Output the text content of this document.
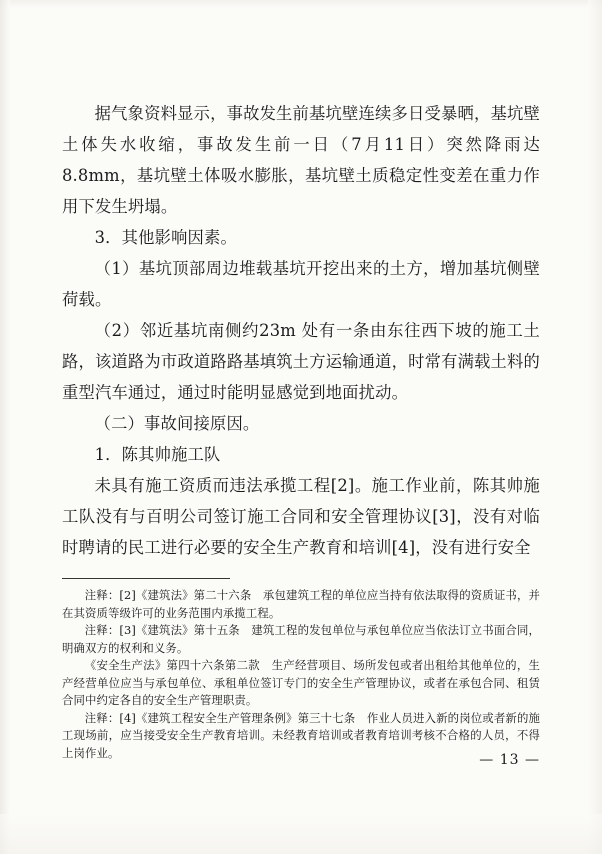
据气象资料显示，事故发生前基坑壁连续多日受暴晒，基坑壁土体失水收缩，事故发生前一日（7月11日）突然降雨达8.8mm，基坑壁土体吸水膨胀，基坑壁土质稳定性变差在重力作用下发生坍塌。

3．其他影响因素。

（1）基坑顶部周边堆载基坑开挖出来的土方，增加基坑侧壁荷载。

（2）邻近基坑南侧约23m 处有一条由东往西下坡的施工土路，该道路为市政道路路基填筑土方运输通道，时常有满载土料的重型汽车通过，通过时能明显感觉到地面扰动。

（二）事故间接原因。

1．陈其帅施工队

未具有施工资质而违法承揽工程[2]。施工作业前，陈其帅施工队没有与百明公司签订施工合同和安全管理协议[3]，没有对临时聘请的民工进行必要的安全生产教育和培训[4]，没有进行安全

注释：[2]《建筑法》第二十六条　承包建筑工程的单位应当持有依法取得的资质证书，并在其资质等级许可的业务范围内承揽工程。

注释：[3]《建筑法》第十五条　建筑工程的发包单位与承包单位应当依法订立书面合同，明确双方的权利和义务。

《安全生产法》第四十六条第二款　生产经营项目、场所发包或者出租给其他单位的，生产经营单位应当与承包单位、承租单位签订专门的安全生产管理协议，或者在承包合同、租赁合同中约定各自的安全生产管理职责。

注释：[4]《建筑工程安全生产管理条例》第三十七条　作业人员进入新的岗位或者新的施工现场前，应当接受安全生产教育培训。未经教育培训或者教育培训考核不合格的人员，不得上岗作业。	— 13 —
